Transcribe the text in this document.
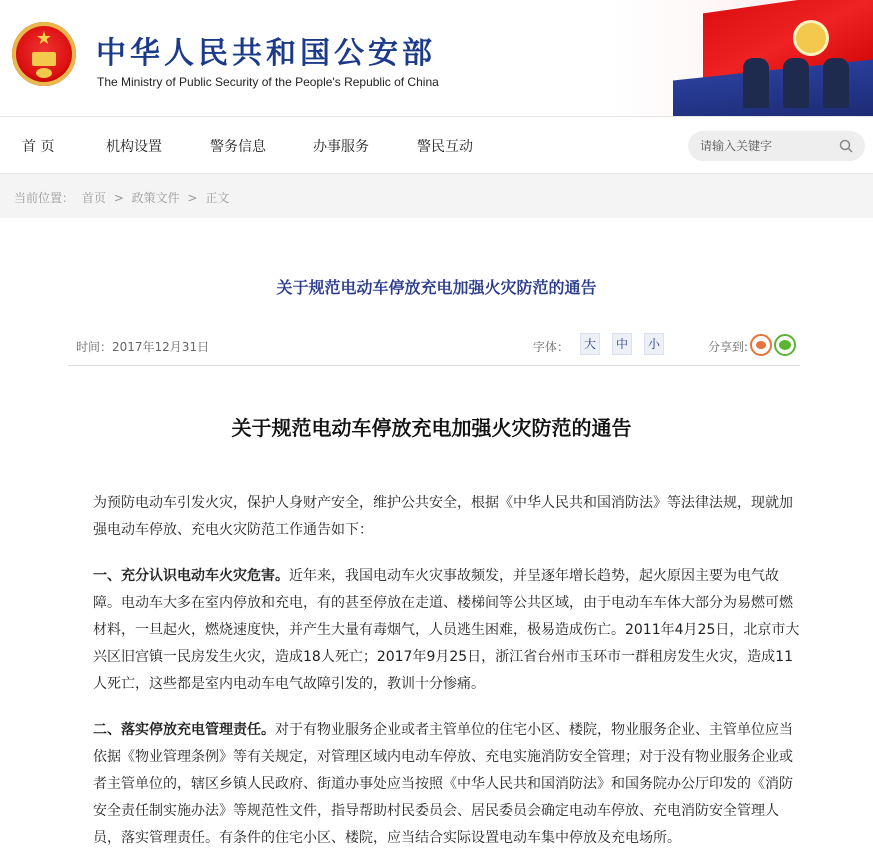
★	中华人民共和国公安部
The Ministry of Public Security of the People's Republic of China
首 页	机构设置	警务信息	办事服务	警民互动
请输入关键字
当前位置： 首页 > 政策文件 > 正文
关于规范电动车停放充电加强火灾防范的通告
时间：2017年12月31日	字体：	大	中	小	分享到:
关于规范电动车停放充电加强火灾防范的通告

为预防电动车引发火灾，保护人身财产安全，维护公共安全，根据《中华人民共和国消防法》等法律法规，现就加强电动车停放、充电火灾防范工作通告如下：

一、充分认识电动车火灾危害。近年来，我国电动车火灾事故频发，并呈逐年增长趋势，起火原因主要为电气故障。电动车大多在室内停放和充电，有的甚至停放在走道、楼梯间等公共区域，由于电动车车体大部分为易燃可燃材料，一旦起火，燃烧速度快，并产生大量有毒烟气，人员逃生困难，极易造成伤亡。2011年4月25日，北京市大兴区旧宫镇一民房发生火灾，造成18人死亡；2017年9月25日，浙江省台州市玉环市一群租房发生火灾，造成11人死亡，这些都是室内电动车电气故障引发的，教训十分惨痛。

二、落实停放充电管理责任。对于有物业服务企业或者主管单位的住宅小区、楼院，物业服务企业、主管单位应当依据《物业管理条例》等有关规定，对管理区域内电动车停放、充电实施消防安全管理；对于没有物业服务企业或者主管单位的，辖区乡镇人民政府、街道办事处应当按照《中华人民共和国消防法》和国务院办公厅印发的《消防安全责任制实施办法》等规范性文件，指导帮助村民委员会、居民委员会确定电动车停放、充电消防安全管理人员，落实管理责任。有条件的住宅小区、楼院，应当结合实际设置电动车集中停放及充电场所。
